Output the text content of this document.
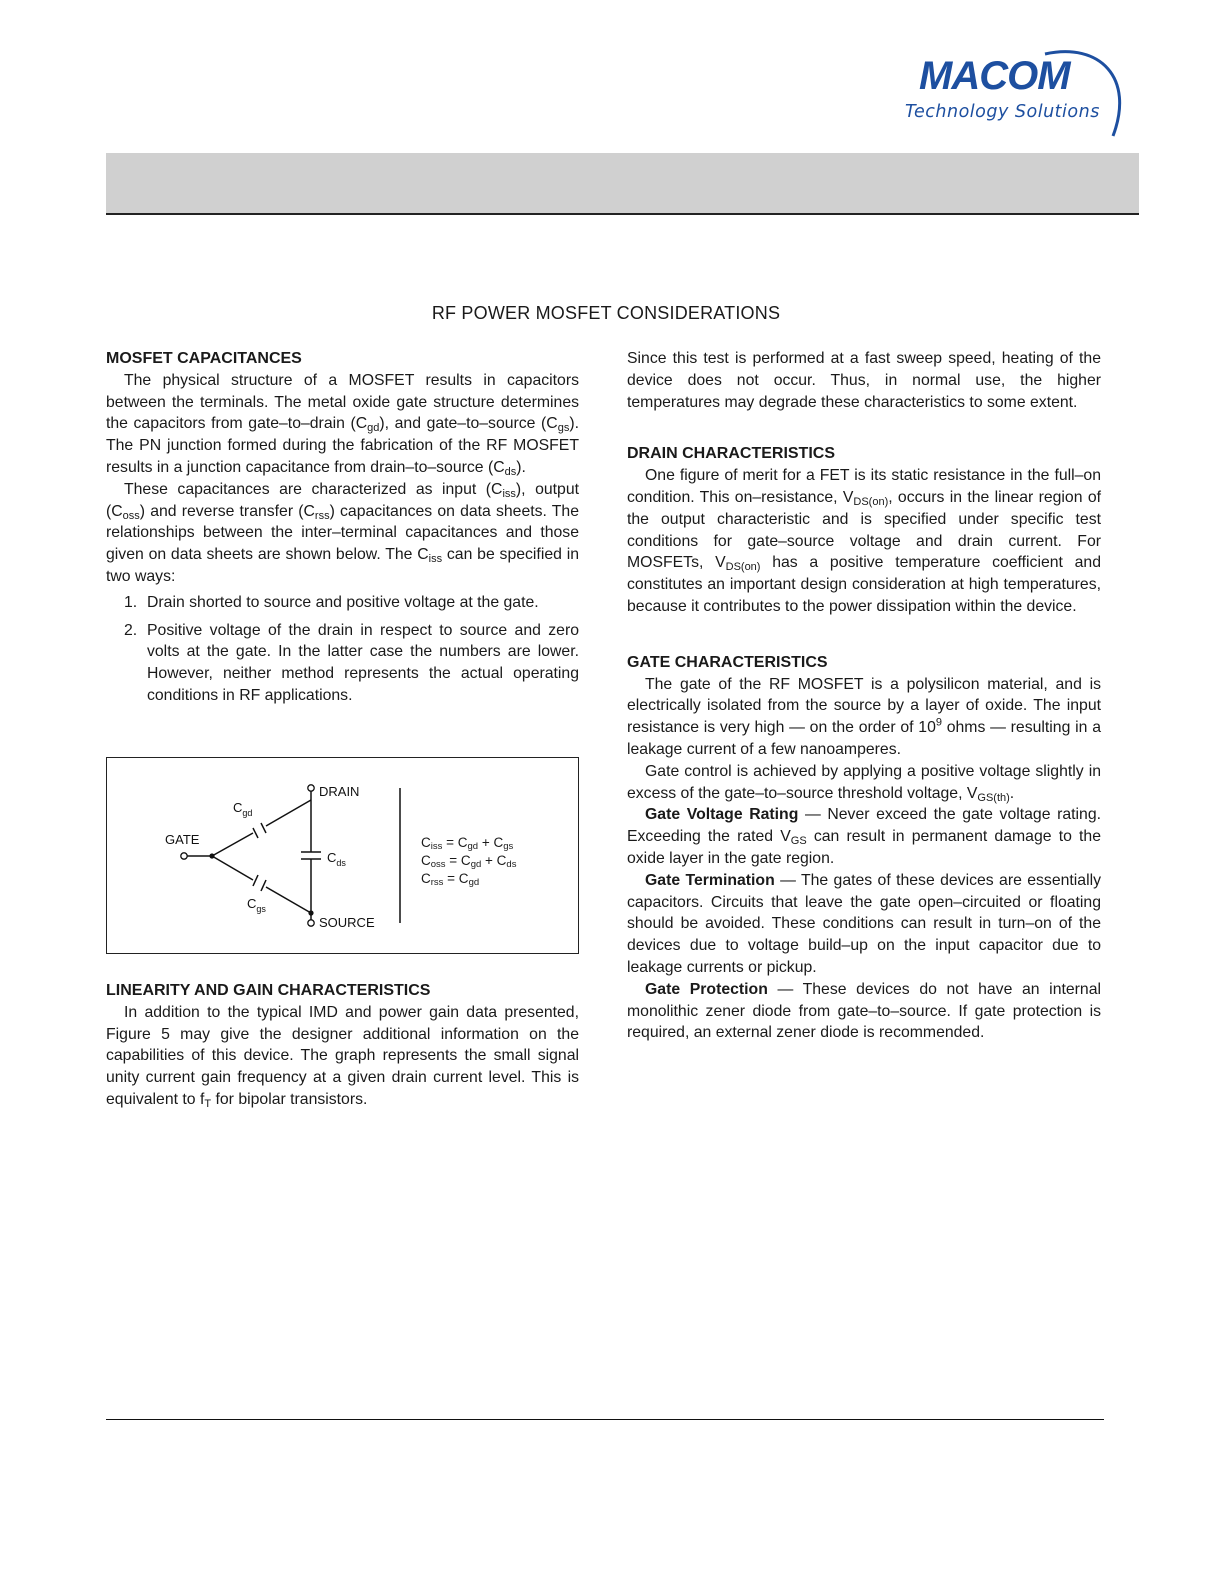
MACOM
Technology Solutions
RF POWER MOSFET CONSIDERATIONS

MOSFET CAPACITANCES

The physical structure of a MOSFET results in capacitors between the terminals. The metal oxide gate structure determines the capacitors from gate–to–drain $(C_{gd})$, and gate–to–source $(C_{gs})$. The PN junction formed during the fabrication of the RF MOSFET results in a junction capacitance from drain–to–source $(C_{ds})$.

These capacitances are characterized as input $(C_{iss})$, output $(C_{oss})$ and reverse transfer $(C_{rss})$ capacitances on data sheets. The relationships between the inter–terminal capacitances and those given on data sheets are shown below. The $C_{iss}$ can be specified in two ways:

1. Drain shorted to source and positive voltage at the gate.
2. Positive voltage of the drain in respect to source and zero volts at the gate. In the latter case the numbers are lower. However, neither method represents the actual operating conditions in RF applications.
DRAIN
GATE
SOURCE
$C_{gd}$
$C_{ds}$
$C_{gs}$
$C_{iss} = C_{gd} + C_{gs}$
$C_{oss} = C_{gd} + C_{ds}$
$C_{rss} = C_{gd}$

LINEARITY AND GAIN CHARACTERISTICS

In addition to the typical IMD and power gain data presented, Figure 5 may give the designer additional information on the capabilities of this device. The graph represents the small signal unity current gain frequency at a given drain current level. This is equivalent to $f_T$ for bipolar transistors.

Since this test is performed at a fast sweep speed, heating of the device does not occur. Thus, in normal use, the higher temperatures may degrade these characteristics to some extent.

DRAIN CHARACTERISTICS

One figure of merit for a FET is its static resistance in the full–on condition. This on–resistance, $V_{DS(on)}$, occurs in the linear region of the output characteristic and is specified under specific test conditions for gate–source voltage and drain current. For MOSFETs, $V_{DS(on)}$ has a positive temperature coefficient and constitutes an important design consideration at high temperatures, because it contributes to the power dissipation within the device.

GATE CHARACTERISTICS

The gate of the RF MOSFET is a polysilicon material, and is electrically isolated from the source by a layer of oxide. The input resistance is very high — on the order of $10^9$ ohms — resulting in a leakage current of a few nanoamperes.

Gate control is achieved by applying a positive voltage slightly in excess of the gate–to–source threshold voltage, $V_{GS(th)}$.

Gate Voltage Rating — Never exceed the gate voltage rating. Exceeding the rated $V_{GS}$ can result in permanent damage to the oxide layer in the gate region.

Gate Termination — The gates of these devices are essentially capacitors. Circuits that leave the gate open–circuited or floating should be avoided. These conditions can result in turn–on of the devices due to voltage build–up on the input capacitor due to leakage currents or pickup.

Gate Protection — These devices do not have an internal monolithic zener diode from gate–to–source. If gate protection is required, an external zener diode is recommended.
